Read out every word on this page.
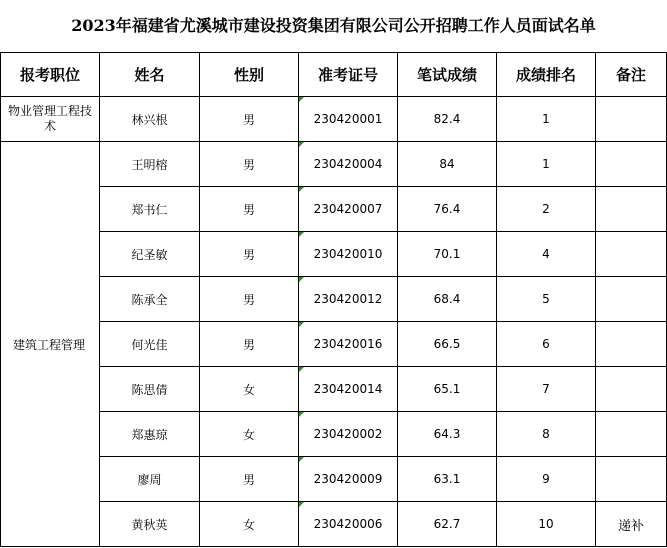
2023年福建省尤溪城市建设投资集团有限公司公开招聘工作人员面试名单
报考职位	姓名	性别	准考证号	笔试成绩	成绩排名	备注
物业管理工程技术	林兴根	男	230420001	82.4	1	
建筑工程管理	王明榕	男	230420004	84	1	
	郑书仁	男	230420007	76.4	2	
	纪圣敏	男	230420010	70.1	4	
	陈承全	男	230420012	68.4	5	
	何光佳	男	230420016	66.5	6	
	陈思倩	女	230420014	65.1	7	
	郑惠琼	女	230420002	64.3	8	
	廖周	男	230420009	63.1	9	
	黄秋英	女	230420006	62.7	10	递补
